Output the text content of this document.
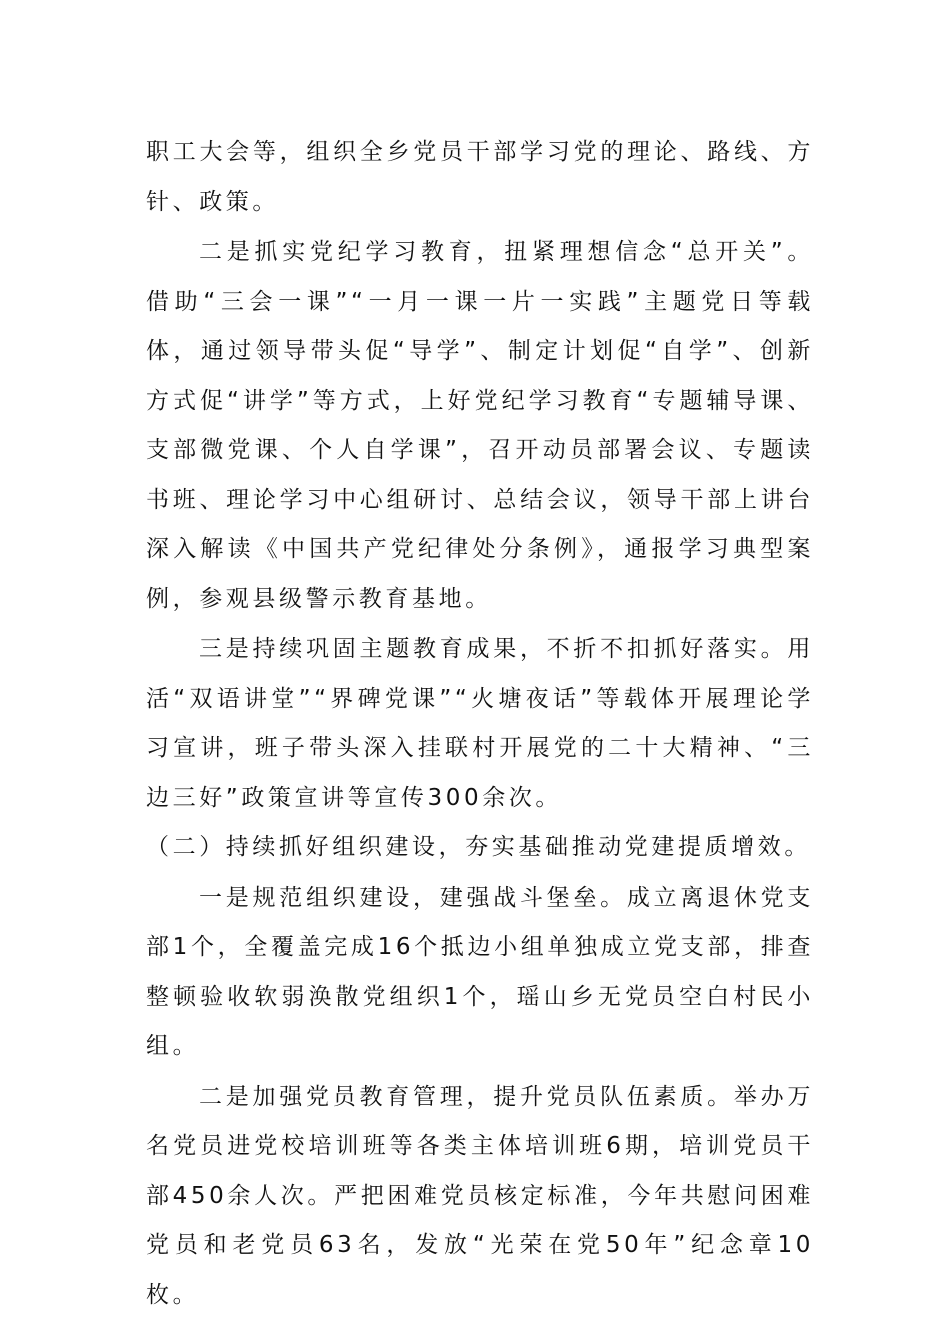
职工大会等，组织全乡党员干部学习党的理论、路线、方针、政策。

二是抓实党纪学习教育，扭紧理想信念“总开关”。借助“三会一课”“一月一课一片一实践”主题党日等载体，通过领导带头促“导学”、制定计划促“自学”、创新方式促“讲学”等方式，上好党纪学习教育“专题辅导课、支部微党课、个人自学课”，召开动员部署会议、专题读书班、理论学习中心组研讨、总结会议，领导干部上讲台深入解读《中国共产党纪律处分条例》，通报学习典型案例，参观县级警示教育基地。

三是持续巩固主题教育成果，不折不扣抓好落实。用活“双语讲堂”“界碑党课”“火塘夜话”等载体开展理论学习宣讲，班子带头深入挂联村开展党的二十大精神、“三边三好”政策宣讲等宣传300余次。

（二）持续抓好组织建设，夯实基础推动党建提质增效。

一是规范组织建设，建强战斗堡垒。成立离退休党支部1个，全覆盖完成16个抵边小组单独成立党支部，排查整顿验收软弱涣散党组织1个，瑶山乡无党员空白村民小组。

二是加强党员教育管理，提升党员队伍素质。举办万名党员进党校培训班等各类主体培训班6期，培训党员干部450余人次。严把困难党员核定标准，今年共慰问困难党员和老党员63名，发放“光荣在党50年”纪念章10枚。
